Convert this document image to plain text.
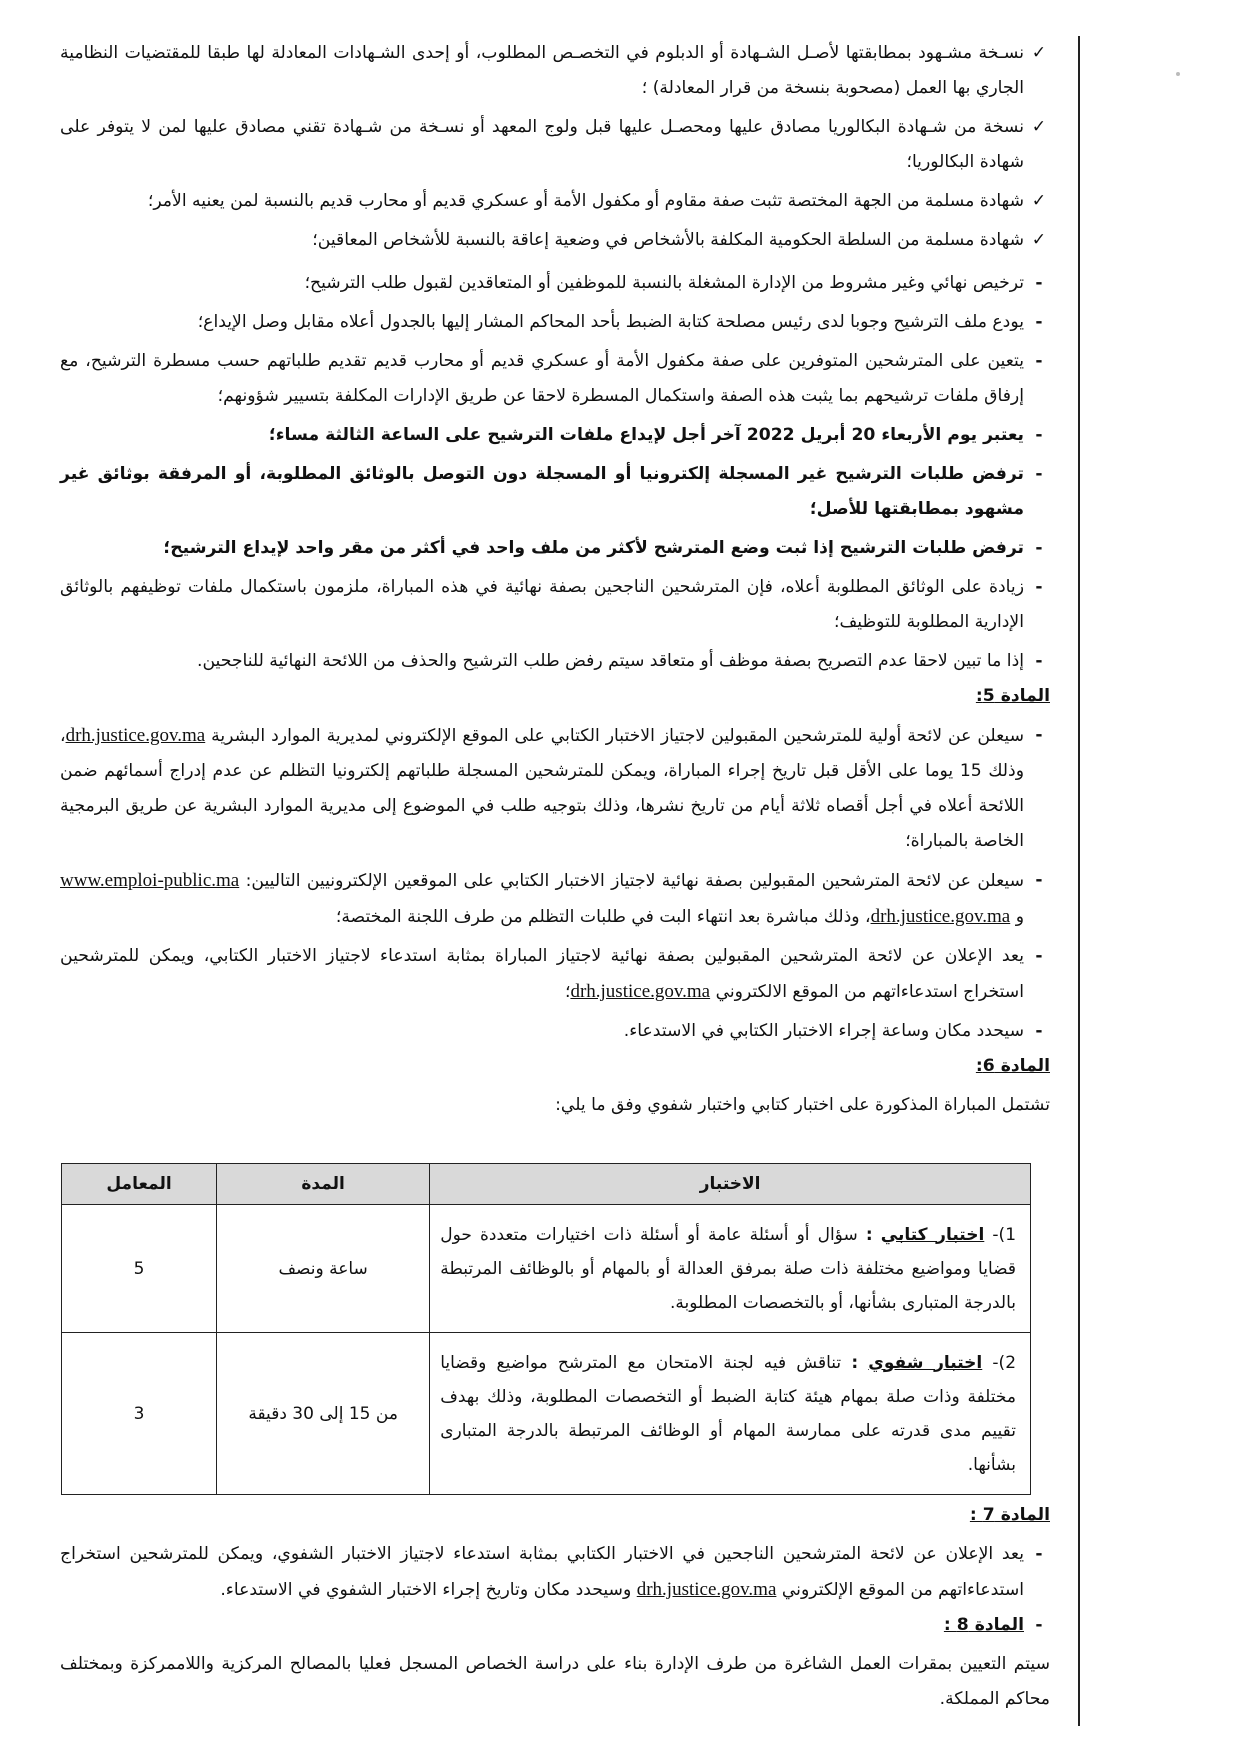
✓
نسـخة مشـهود بمطابقتها لأصـل الشـهادة أو الدبلوم في التخصـص المطلوب، أو إحدى الشـهادات المعادلة لها طبقا للمقتضيات النظامية الجاري بها العمل (مصحوبة بنسخة من قرار المعادلة) ؛
✓
نسخة من شـهادة البكالوريا مصادق عليها ومحصـل عليها قبل ولوج المعهد أو نسـخة من شـهادة تقني مصادق عليها لمن لا يتوفر على شهادة البكالوريا؛
✓
شهادة مسلمة من الجهة المختصة تثبت صفة مقاوم أو مكفول الأمة أو عسكري قديم أو محارب قديم بالنسبة لمن يعنيه الأمر؛
✓
شهادة مسلمة من السلطة الحكومية المكلفة بالأشخاص في وضعية إعاقة بالنسبة للأشخاص المعاقين؛
-
ترخيص نهائي وغير مشروط من الإدارة المشغلة بالنسبة للموظفين أو المتعاقدين لقبول طلب الترشيح؛
-
يودع ملف الترشيح وجوبا لدى رئيس مصلحة كتابة الضبط بأحد المحاكم المشار إليها بالجدول أعلاه مقابل وصل الإيداع؛
-
يتعين على المترشحين المتوفرين على صفة مكفول الأمة أو عسكري قديم أو محارب قديم تقديم طلباتهم حسب مسطرة الترشيح، مع إرفاق ملفات ترشيحهم بما يثبت هذه الصفة واستكمال المسطرة لاحقا عن طريق الإدارات المكلفة بتسيير شؤونهم؛
-
يعتبر يوم الأربعاء 20 أبريل 2022 آخر أجل لإيداع ملفات الترشيح على الساعة الثالثة مساء؛
-
ترفض طلبات الترشيح غير المسجلة إلكترونيا أو المسجلة دون التوصل بالوثائق المطلوبة، أو المرفقة بوثائق غير مشهود بمطابقتها للأصل؛
-
ترفض طلبات الترشيح إذا ثبت وضع المترشح لأكثر من ملف واحد في أكثر من مقر واحد لإيداع الترشيح؛
-
زيادة على الوثائق المطلوبة أعلاه، فإن المترشحين الناجحين بصفة نهائية في هذه المباراة، ملزمون باستكمال ملفات توظيفهم بالوثائق الإدارية المطلوبة للتوظيف؛
-
إذا ما تبين لاحقا عدم التصريح بصفة موظف أو متعاقد سيتم رفض طلب الترشيح والحذف من اللائحة النهائية للناجحين.
المادة 5:
-
سيعلن عن لائحة أولية للمترشحين المقبولين لاجتياز الاختبار الكتابي على الموقع الإلكتروني لمديرية الموارد البشرية drh.justice.gov.ma، وذلك 15 يوما على الأقل قبل تاريخ إجراء المباراة، ويمكن للمترشحين المسجلة طلباتهم إلكترونيا التظلم عن عدم إدراج أسمائهم ضمن اللائحة أعلاه في أجل أقصاه ثلاثة أيام من تاريخ نشرها، وذلك بتوجيه طلب في الموضوع إلى مديرية الموارد البشرية عن طريق البرمجية الخاصة بالمباراة؛
-
سيعلن عن لائحة المترشحين المقبولين بصفة نهائية لاجتياز الاختبار الكتابي على الموقعين الإلكترونيين التاليين: www.emploi-public.ma و drh.justice.gov.ma، وذلك مباشرة بعد انتهاء البت في طلبات التظلم من طرف اللجنة المختصة؛
-
يعد الإعلان عن لائحة المترشحين المقبولين بصفة نهائية لاجتياز المباراة بمثابة استدعاء لاجتياز الاختبار الكتابي، ويمكن للمترشحين استخراج استدعاءاتهم من الموقع الالكتروني drh.justice.gov.ma؛
-
سيحدد مكان وساعة إجراء الاختبار الكتابي في الاستدعاء.
المادة 6:
تشتمل المباراة المذكورة على اختبار كتابي واختبار شفوي وفق ما يلي:
الاختبار	المدة	المعامل
1)- اختبار كتابي : سؤال أو أسئلة عامة أو أسئلة ذات اختيارات متعددة حول قضايا ومواضيع مختلفة ذات صلة بمرفق العدالة أو بالمهام أو بالوظائف المرتبطة بالدرجة المتبارى بشأنها، أو بالتخصصات المطلوبة.	ساعة ونصف	5
2)- اختبار شفوي : تناقش فيه لجنة الامتحان مع المترشح مواضيع وقضايا مختلفة وذات صلة بمهام هيئة كتابة الضبط أو التخصصات المطلوبة، وذلك بهدف تقييم مدى قدرته على ممارسة المهام أو الوظائف المرتبطة بالدرجة المتبارى بشأنها.	من 15 إلى 30 دقيقة	3
المادة 7 :
-
يعد الإعلان عن لائحة المترشحين الناجحين في الاختبار الكتابي بمثابة استدعاء لاجتياز الاختبار الشفوي، ويمكن للمترشحين استخراج استدعاءاتهم من الموقع الإلكتروني drh.justice.gov.ma وسيحدد مكان وتاريخ إجراء الاختبار الشفوي في الاستدعاء.
-
المادة 8 :
سيتم التعيين بمقرات العمل الشاغرة من طرف الإدارة بناء على دراسة الخصاص المسجل فعليا بالمصالح المركزية واللاممركزة وبمختلف محاكم المملكة.
